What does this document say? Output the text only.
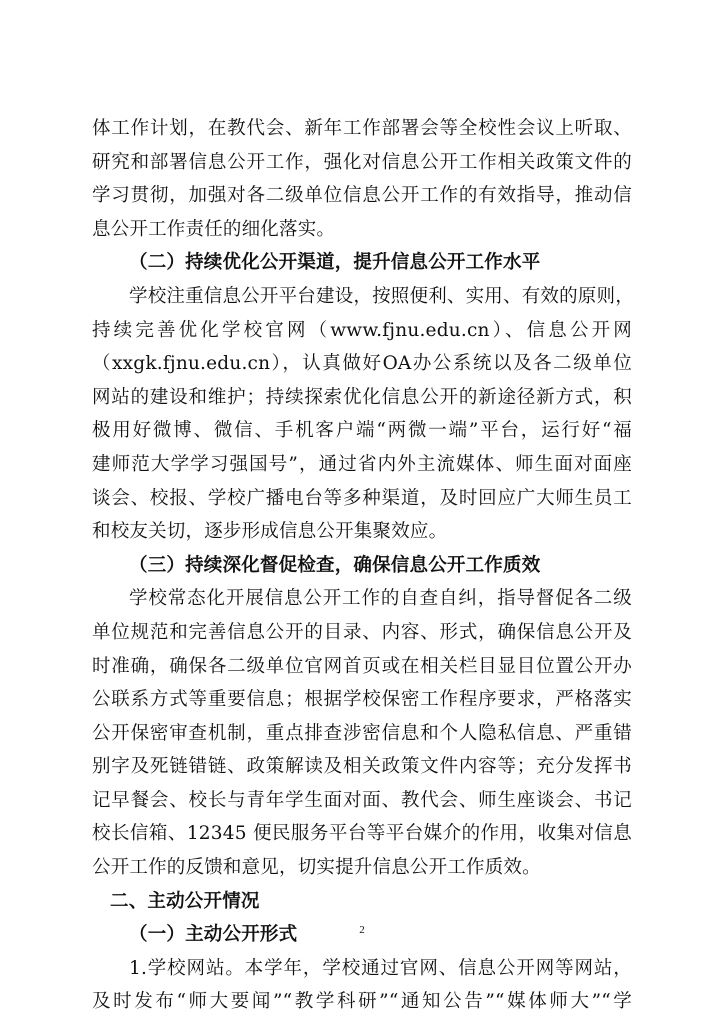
体工作计划，在教代会、新年工作部署会等全校性会议上听取、
研究和部署信息公开工作，强化对信息公开工作相关政策文件的
学习贯彻，加强对各二级单位信息公开工作的有效指导，推动信
息公开工作责任的细化落实。
（二）持续优化公开渠道，提升信息公开工作水平
学校注重信息公开平台建设，按照便利、实用、有效的原则，
持续完善优化学校官网（www.fjnu.edu.cn）、信息公开网
（xxgk.fjnu.edu.cn），认真做好OA办公系统以及各二级单位
网站的建设和维护；持续探索优化信息公开的新途径新方式，积
极用好微博、微信、手机客户端“两微一端”平台，运行好“福
建师范大学学习强国号”，通过省内外主流媒体、师生面对面座
谈会、校报、学校广播电台等多种渠道，及时回应广大师生员工
和校友关切，逐步形成信息公开集聚效应。
（三）持续深化督促检查，确保信息公开工作质效
学校常态化开展信息公开工作的自查自纠，指导督促各二级
单位规范和完善信息公开的目录、内容、形式，确保信息公开及
时准确，确保各二级单位官网首页或在相关栏目显目位置公开办
公联系方式等重要信息；根据学校保密工作程序要求，严格落实
公开保密审查机制，重点排查涉密信息和个人隐私信息、严重错
别字及死链错链、政策解读及相关政策文件内容等；充分发挥书
记早餐会、校长与青年学生面对面、教代会、师生座谈会、书记
校长信箱、12345 便民服务平台等平台媒介的作用，收集对信息
公开工作的反馈和意见，切实提升信息公开工作质效。
二、主动公开情况
（一）主动公开形式
1.学校网站。本学年，学校通过官网、信息公开网等网站，
及时发布“师大要闻”“教学科研”“通知公告”“媒体师大”“学
2
